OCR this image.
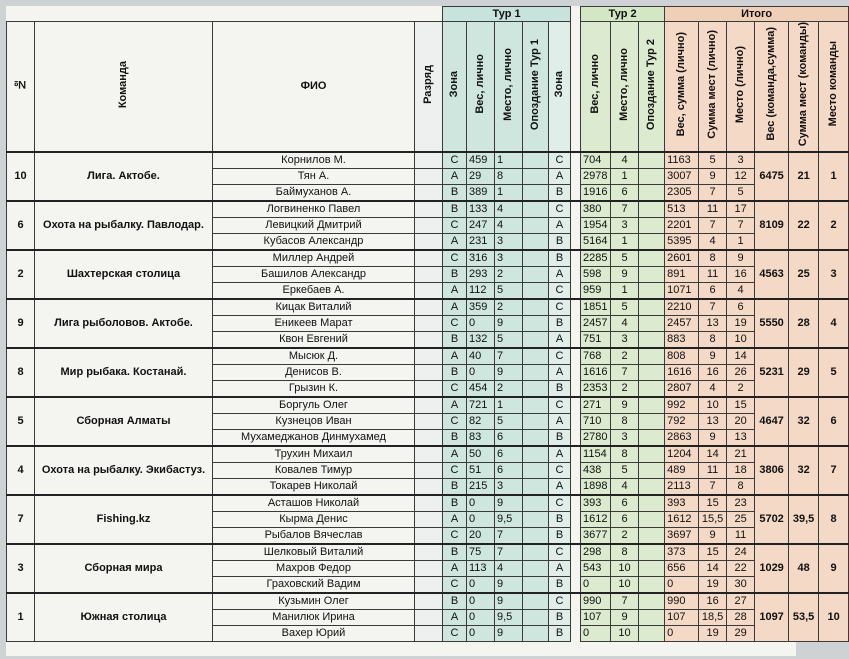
				Тур 1						Тур 2			Итого					
№	Команда	ФИО	Разряд	Зона	Вес, лично	Место, лично	Опоздание Тур 1	Зона		Вес, лично	Место, лично	Опоздание Тур 2	Вес, сумма (лично)	Сумма мест (лично)	Место (лично)	Вес (команда,сумма)	Сумма мест (команды)	Место команды
10	Лига. Актобе.	Корнилов М.		C	459	1		C		704	4		1163	5	3	6475	21	1
		Тян А.		A	29	8		A		2978	1		3007	9	12			
		Баймуханов А.		B	389	1		B		1916	6		2305	7	5			
6	Охота на рыбалку. Павлодар.	Логвиненко Павел		B	133	4		C		380	7		513	11	17	8109	22	2
		Левицкий Дмитрий		C	247	4		A		1954	3		2201	7	7			
		Кубасов Александр		A	231	3		B		5164	1		5395	4	1			
2	Шахтерская столица	Миллер Андрей		C	316	3		B		2285	5		2601	8	9	4563	25	3
		Башилов Александр		B	293	2		A		598	9		891	11	16			
		Еркебаев А.		A	112	5		C		959	1		1071	6	4			
9	Лига рыболовов. Актобе.	Кицак Виталий		A	359	2		C		1851	5		2210	7	6	5550	28	4
		Еникеев Марат		C	0	9		B		2457	4		2457	13	19			
		Квон Евгений		B	132	5		A		751	3		883	8	10			
8	Мир рыбака. Костанай.	Мысюк Д.		A	40	7		C		768	2		808	9	14	5231	29	5
		Денисов В.		B	0	9		A		1616	7		1616	16	26			
		Грызин К.		C	454	2		B		2353	2		2807	4	2			
5	Сборная Алматы	Боргуль Олег		A	721	1		C		271	9		992	10	15	4647	32	6
		Кузнецов Иван		C	82	5		A		710	8		792	13	20			
		Мухамеджанов Динмухамед		B	83	6		B		2780	3		2863	9	13			
4	Охота на рыбалку. Экибастуз.	Трухин Михаил		A	50	6		A		1154	8		1204	14	21	3806	32	7
		Ковалев Тимур		C	51	6		C		438	5		489	11	18			
		Токарев Николай		B	215	3		A		1898	4		2113	7	8			
7	Fishing.kz	Асташов Николай		B	0	9		C		393	6		393	15	23	5702	39,5	8
		Кырма Денис		A	0	9,5		B		1612	6		1612	15,5	25			
		Рыбалов Вячеслав		C	20	7		B		3677	2		3697	9	11			
3	Сборная мира	Шелковый Виталий		B	75	7		C		298	8		373	15	24	1029	48	9
		Махров Федор		A	113	4		A		543	10		656	14	22			
		Граховский Вадим		C	0	9		B		0	10		0	19	30			
1	Южная столица	Кузьмин Олег		B	0	9		C		990	7		990	16	27	1097	53,5	10
		Манилюк Ирина		A	0	9,5		B		107	9		107	18,5	28			
		Вахер Юрий		C	0	9		B		0	10		0	19	29			
